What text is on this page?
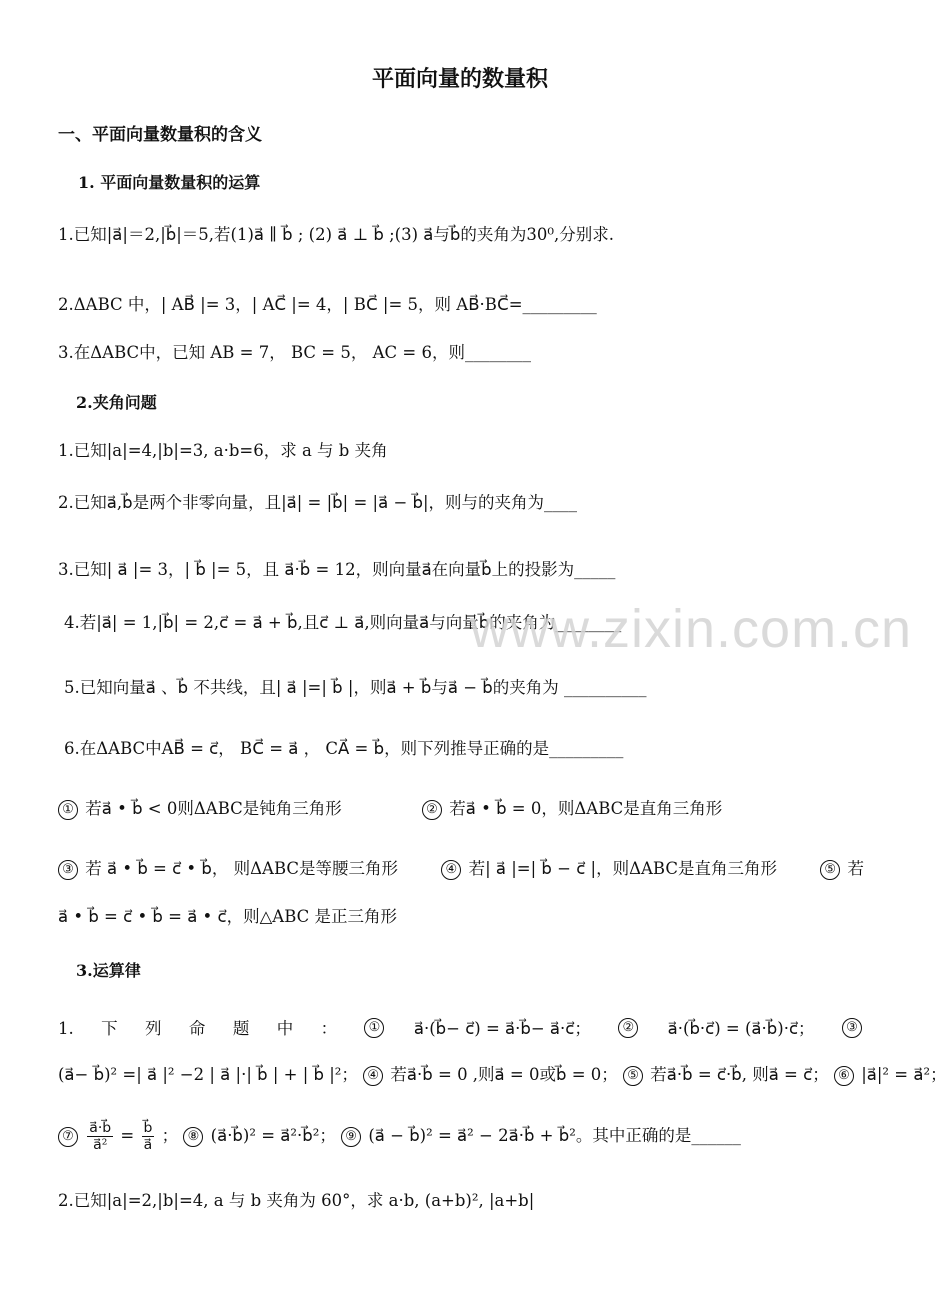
平面向量的数量积
一、平面向量数量积的含义
1. 平面向量数量积的运算
1.已知|a⃗|＝2,|b⃗|＝5,若(1)a⃗ ∥ b⃗ ; (2) a⃗ ⊥ b⃗ ;(3) a⃗与b⃗的夹角为30⁰,分别求.
2.ΔABC 中，| AB⃗ |= 3，| AC⃗ |= 4，| BC⃗ |= 5，则 AB⃗·BC⃗=_________
3.在ΔABC中，已知 AB = 7， BC = 5， AC = 6，则________
2.夹角问题
1.已知|a|=4,|b|=3, a·b=6，求 a 与 b 夹角
2.已知a⃗,b⃗是两个非零向量，且|a⃗| = |b⃗| = |a⃗ − b⃗|，则与的夹角为____
3.已知| a⃗ |= 3，| b⃗ |= 5，且 a⃗·b⃗ = 12，则向量a⃗在向量b⃗上的投影为_____
4.若|a⃗| = 1,|b⃗| = 2,c⃗ = a⃗ + b⃗,且c⃗ ⊥ a⃗,则向量a⃗与向量b⃗的夹角为________
5.已知向量a⃗ 、b⃗ 不共线，且| a⃗ |=| b⃗ |，则a⃗ + b⃗与a⃗ − b⃗的夹角为 __________
6.在ΔABC中AB⃗ = c⃗， BC⃗ = a⃗ ， CA⃗ = b⃗，则下列推导正确的是_________
① 若a⃗ • b⃗ < 0则ΔABC是钝角三角形	② 若a⃗ • b⃗ = 0，则ΔABC是直角三角形
③ 若 a⃗ • b⃗ = c⃗ • b⃗， 则ΔABC是等腰三角形	④ 若| a⃗ |=| b⃗ − c⃗ |，则ΔABC是直角三角形	⑤ 若
a⃗ • b⃗ = c⃗ • b⃗ = a⃗ • c⃗，则△ABC 是正三角形
3.运算律
1. 下 列 命 题 中 ：	① a⃗·(b⃗− c⃗) = a⃗·b⃗− a⃗·c⃗；	② a⃗·(b⃗·c⃗) = (a⃗·b⃗)·c⃗；	③
(a⃗− b⃗)² =| a⃗ |² −2 | a⃗ |·| b⃗ | + | b⃗ |²； ④ 若a⃗·b⃗ = 0 ,则a⃗ = 0或b⃗ = 0； ⑤ 若a⃗·b⃗ = c⃗·b⃗, 则a⃗ = c⃗； ⑥ |a⃗|² = a⃗²；
⑦ $\frac{a⃗\cdot b⃗}{\text{a⃗²}} = \frac{b⃗}{a⃗}$ ； ⑧ (a⃗·b⃗)² = a⃗²·b⃗²； ⑨ (a⃗ − b⃗)² = a⃗² − 2a⃗·b⃗ + b⃗²。其中正确的是______
2.已知|a|=2,|b|=4, a 与 b 夹角为 60°，求 a·b, (a+b)², |a+b|
www.zixin.com.cn
